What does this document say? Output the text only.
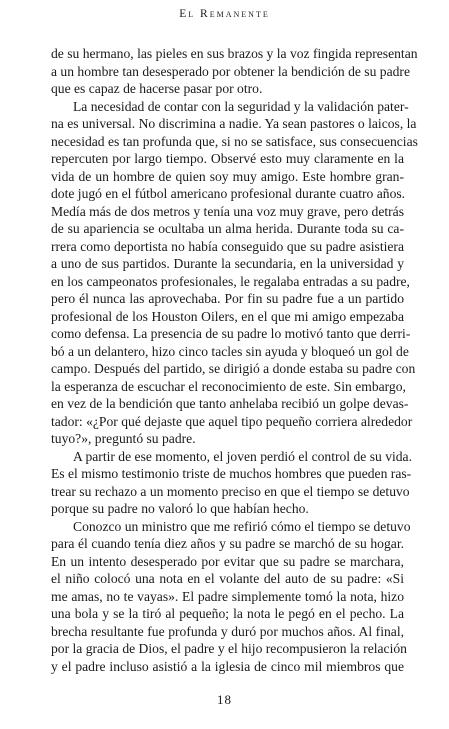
El Remanente
de su hermano, las pieles en sus brazos y la voz fingida representan
a un hombre tan desesperado por obtener la bendición de su padre
que es capaz de hacerse pasar por otro.
La necesidad de contar con la seguridad y la validación pater-
na es universal. No discrimina a nadie. Ya sean pastores o laicos, la
necesidad es tan profunda que, si no se satisface, sus consecuencias
repercuten por largo tiempo. Observé esto muy claramente en la
vida de un hombre de quien soy muy amigo. Este hombre gran-
dote jugó en el fútbol americano profesional durante cuatro años.
Medía más de dos metros y tenía una voz muy grave, pero detrás
de su apariencia se ocultaba un alma herida. Durante toda su ca-
rrera como deportista no había conseguido que su padre asistiera
a uno de sus partidos. Durante la secundaria, en la universidad y
en los campeonatos profesionales, le regalaba entradas a su padre,
pero él nunca las aprovechaba. Por fin su padre fue a un partido
profesional de los Houston Oilers, en el que mi amigo empezaba
como defensa. La presencia de su padre lo motivó tanto que derri-
bó a un delantero, hizo cinco tacles sin ayuda y bloqueó un gol de
campo. Después del partido, se dirigió a donde estaba su padre con
la esperanza de escuchar el reconocimiento de este. Sin embargo,
en vez de la bendición que tanto anhelaba recibió un golpe devas-
tador: «¿Por qué dejaste que aquel tipo pequeño corriera alrededor
tuyo?», preguntó su padre.
A partir de ese momento, el joven perdió el control de su vida.
Es el mismo testimonio triste de muchos hombres que pueden ras-
trear su rechazo a un momento preciso en que el tiempo se detuvo
porque su padre no valoró lo que habían hecho.
Conozco un ministro que me refirió cómo el tiempo se detuvo
para él cuando tenía diez años y su padre se marchó de su hogar.
En un intento desesperado por evitar que su padre se marchara,
el niño colocó una nota en el volante del auto de su padre: «Si
me amas, no te vayas». El padre simplemente tomó la nota, hizo
una bola y se la tiró al pequeño; la nota le pegó en el pecho. La
brecha resultante fue profunda y duró por muchos años. Al final,
por la gracia de Dios, el padre y el hijo recompusieron la relación
y el padre incluso asistió a la iglesia de cinco mil miembros que
18
